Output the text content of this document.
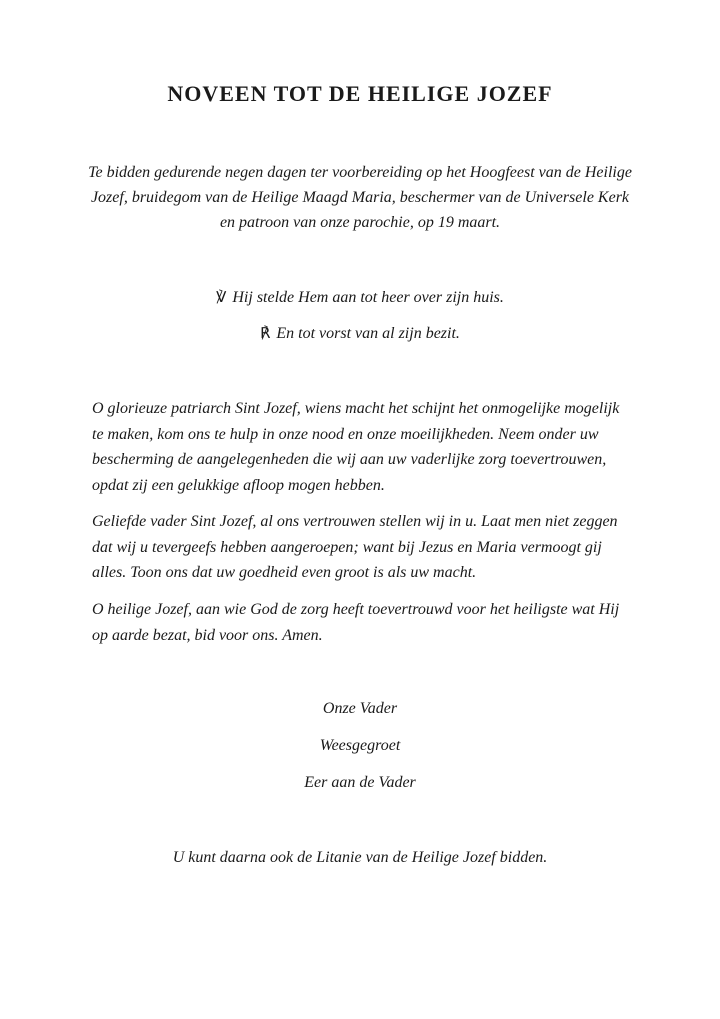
NOVEEN TOT DE HEILIGE JOZEF

Te bidden gedurende negen dagen ter voorbereiding op het Hoogfeest van de Heilige Jozef, bruidegom van de Heilige Maagd Maria, beschermer van de Universele Kerk en patroon van onze parochie, op 19 maart.

℣ Hij stelde Hem aan tot heer over zijn huis.

℟ En tot vorst van al zijn bezit.

O glorieuze patriarch Sint Jozef, wiens macht het schijnt het onmogelijke mogelijk te maken, kom ons te hulp in onze nood en onze moeilijkheden. Neem onder uw bescherming de aangelegenheden die wij aan uw vaderlijke zorg toevertrouwen, opdat zij een gelukkige afloop mogen hebben.

Geliefde vader Sint Jozef, al ons vertrouwen stellen wij in u. Laat men niet zeggen dat wij u tevergeefs hebben aangeroepen; want bij Jezus en Maria vermoogt gij alles. Toon ons dat uw goedheid even groot is als uw macht.

O heilige Jozef, aan wie God de zorg heeft toevertrouwd voor het heiligste wat Hij op aarde bezat, bid voor ons. Amen.

Onze Vader

Weesgegroet

Eer aan de Vader

U kunt daarna ook de Litanie van de Heilige Jozef bidden.
